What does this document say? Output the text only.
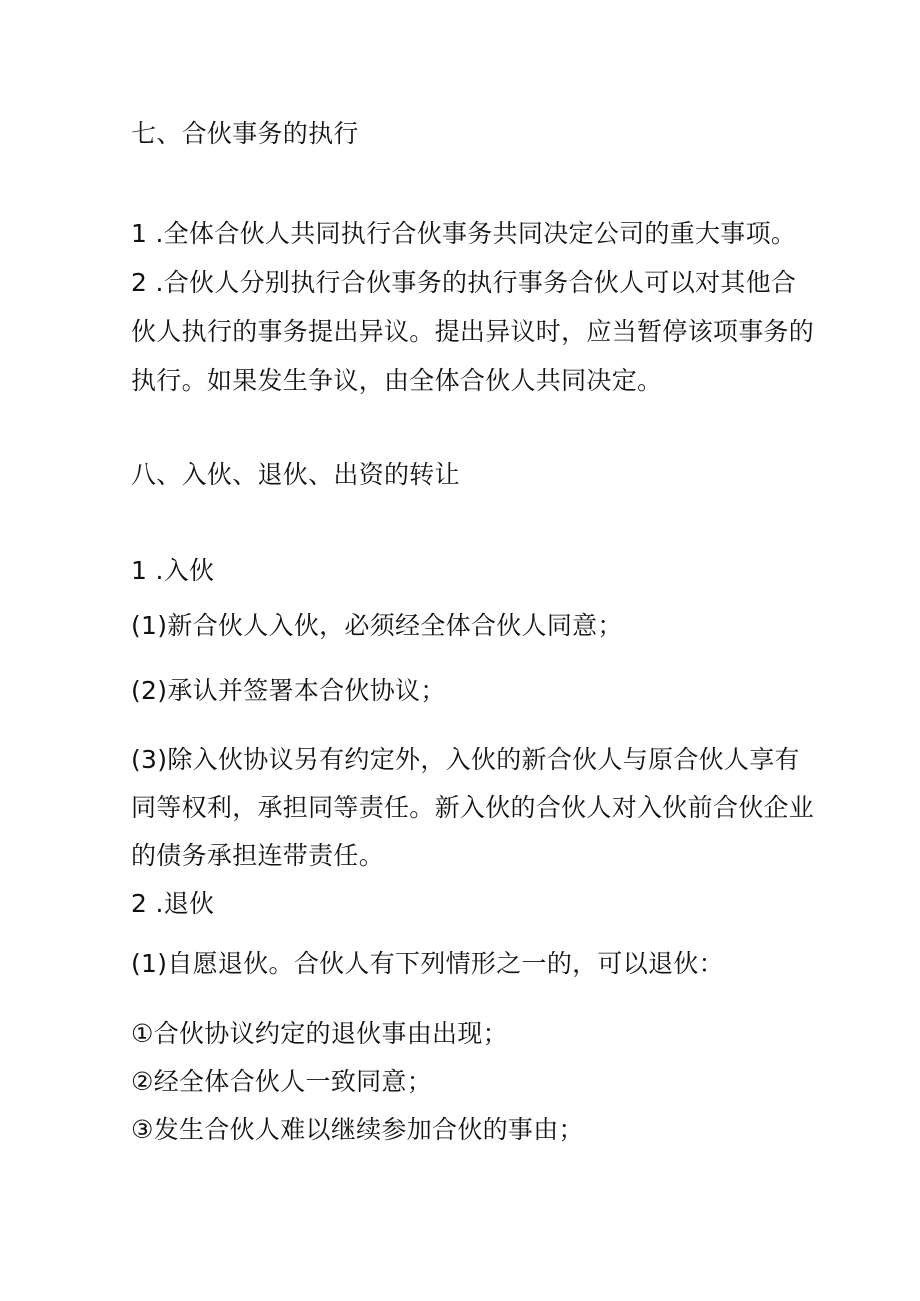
七、合伙事务的执行

1 .全体合伙人共同执行合伙事务共同决定公司的重大事项。

2 .合伙人分别执行合伙事务的执行事务合伙人可以对其他合

伙人执行的事务提出异议。提出异议时，应当暂停该项事务的

执行。如果发生争议，由全体合伙人共同决定。

八、入伙、退伙、出资的转让

1 .入伙

(1)新合伙人入伙，必须经全体合伙人同意；

(2)承认并签署本合伙协议；

(3)除入伙协议另有约定外，入伙的新合伙人与原合伙人享有

同等权利，承担同等责任。新入伙的合伙人对入伙前合伙企业

的债务承担连带责任。

2 .退伙

(1)自愿退伙。合伙人有下列情形之一的，可以退伙：

①合伙协议约定的退伙事由出现；

②经全体合伙人一致同意；

③发生合伙人难以继续参加合伙的事由；
